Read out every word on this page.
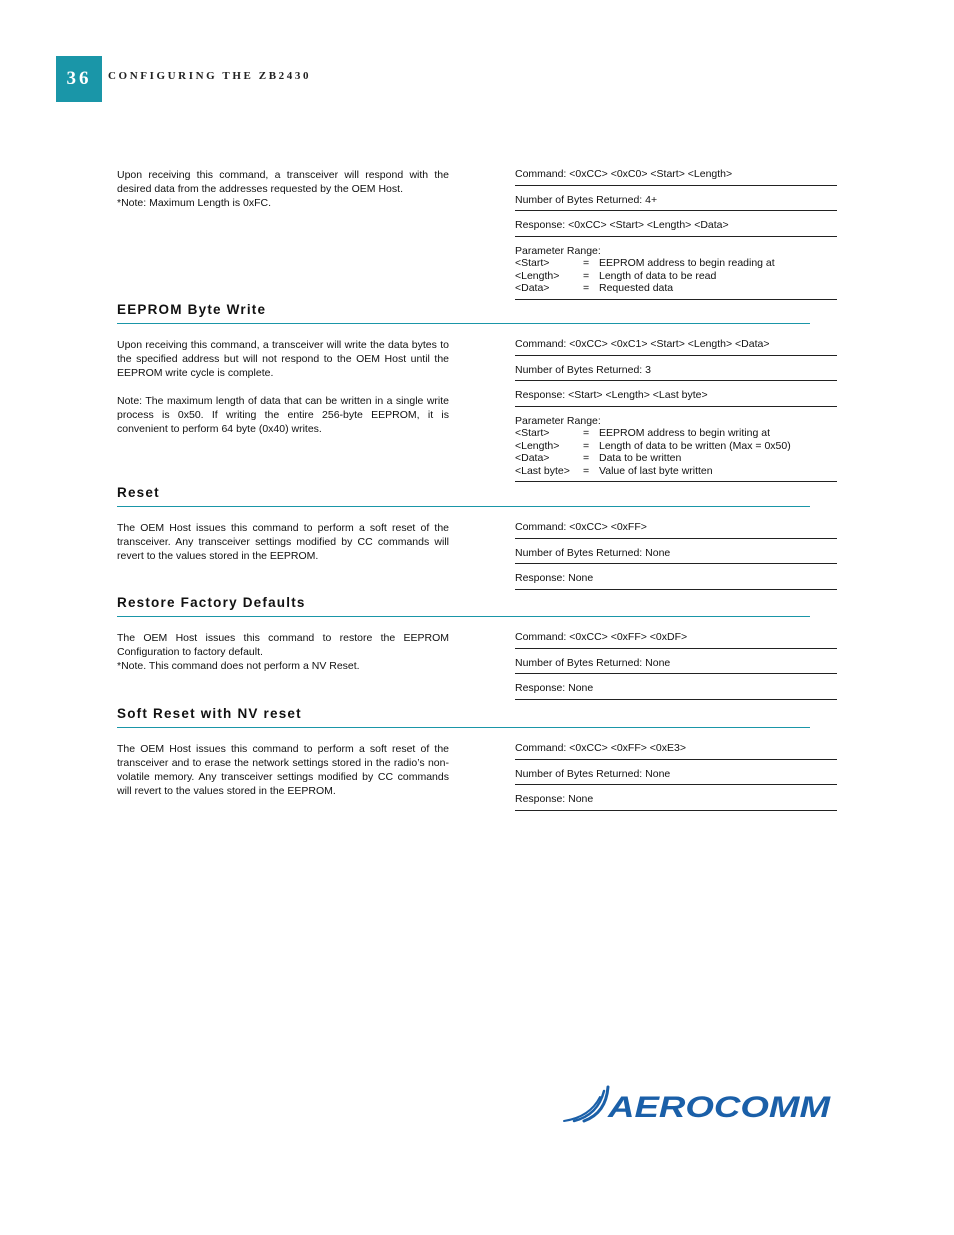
36 CONFIGURING THE ZB2430

Upon receiving this command, a transceiver will respond with the desired data from the addresses requested by the OEM Host.

*Note: Maximum Length is 0xFC.

Command: <0xCC> <0xC0> <Start> <Length>
Number of Bytes Returned: 4+
Response: <0xCC> <Start> <Length> <Data>
Parameter Range:
<Start>	= EEPROM address to begin reading at
<Length>	= Length of data to be read
<Data>	= Requested data
EEPROM Byte Write

Upon receiving this command, a transceiver will write the data bytes to the specified address but will not respond to the OEM Host until the EEPROM write cycle is complete.

Note: The maximum length of data that can be written in a single write process is 0x50. If writing the entire 256-byte EEPROM, it is convenient to perform 64 byte (0x40) writes.

Command: <0xCC> <0xC1> <Start> <Length> <Data>
Number of Bytes Returned: 3
Response: <Start> <Length> <Last byte>
Parameter Range:
<Start>	= EEPROM address to begin writing at
<Length>	= Length of data to be written (Max = 0x50)
<Data>	= Data to be written
<Last byte>	= Value of last byte written
Reset

The OEM Host issues this command to perform a soft reset of the transceiver. Any transceiver settings modified by CC commands will revert to the values stored in the EEPROM.

Command: <0xCC> <0xFF>
Number of Bytes Returned: None
Response: None
Restore Factory Defaults

The OEM Host issues this command to restore the EEPROM Configuration to factory default.

*Note. This command does not perform a NV Reset.

Command: <0xCC> <0xFF> <0xDF>
Number of Bytes Returned: None
Response: None
Soft Reset with NV reset

The OEM Host issues this command to perform a soft reset of the transceiver and to erase the network settings stored in the radio’s non-volatile memory. Any transceiver settings modified by CC commands will revert to the values stored in the EEPROM.

Command: <0xCC> <0xFF> <0xE3>
Number of Bytes Returned: None
Response: None
AEROCOMM
